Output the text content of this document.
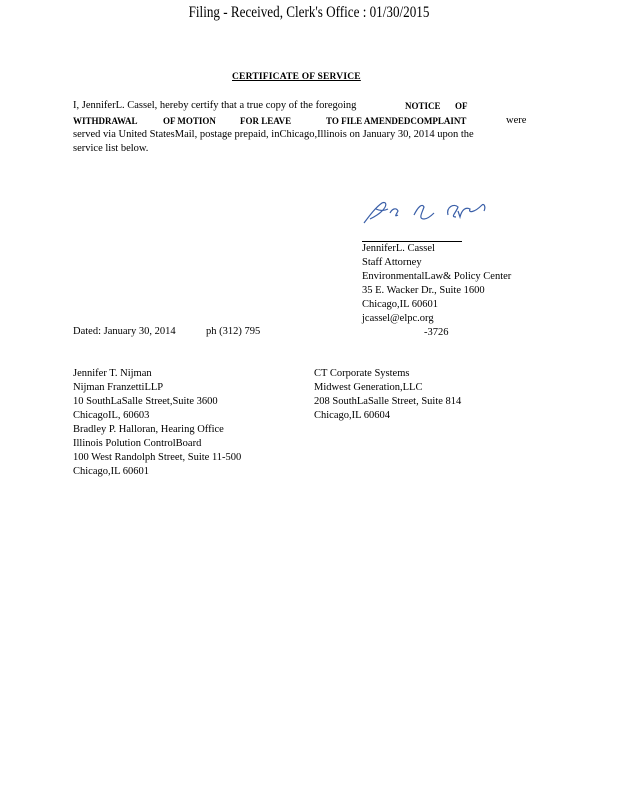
Filing - Received, Clerk's Office : 01/30/2015
CERTIFICATE OF SERVICE
I, JenniferL. Cassel, hereby certify that a true copy of the foregoing	NOTICE OF
WITHDRAWAL	OF MOTION	FOR LEAVE	TO FILE AMENDEDCOMPLAINT	were
served via United StatesMail, postage prepaid, inChicago,Illinois on January 30, 2014 upon the
service list below.
JenniferL. Cassel
Staff Attorney
EnvironmentalLaw& Policy Center
35 E. Wacker Dr., Suite 1600
Chicago,IL 60601
jcassel@elpc.org
-3726
Dated: January 30, 2014	ph (312) 795
Jennifer T. Nijman
Nijman FranzettiLLP
10 SouthLaSalle Street,Suite 3600
ChicagoIL, 60603
Bradley P. Halloran, Hearing Office
Illinois Polution ControlBoard
100 West Randolph Street, Suite 11-500
Chicago,IL 60601
CT Corporate Systems
Midwest Generation,LLC
208 SouthLaSalle Street, Suite 814
Chicago,IL 60604
